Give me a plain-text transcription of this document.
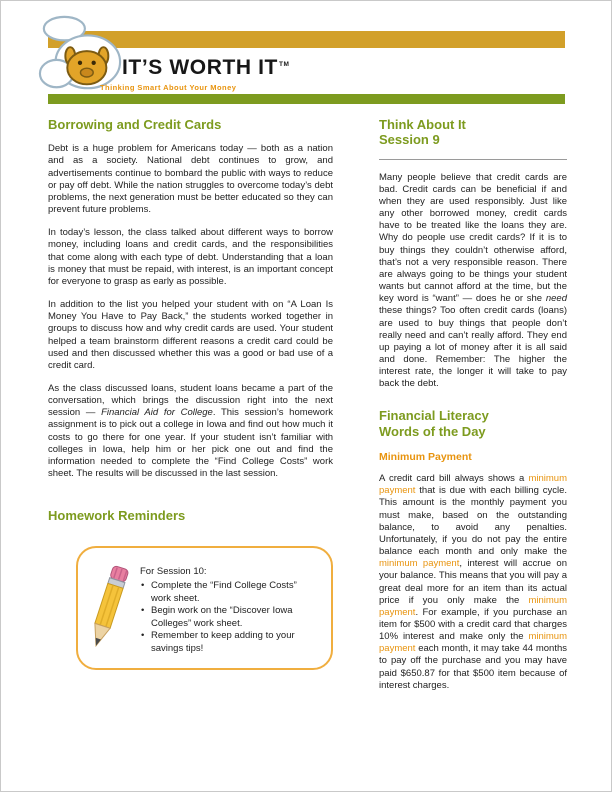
IT’S WORTH IT™
Thinking Smart About Your Money
Borrowing and Credit Cards

Debt is a huge problem for Americans today — both as a nation and as a society. National debt continues to grow, and advertisements continue to bombard the public with ways to reduce or pay off debt. While the nation struggles to overcome today’s debt problems, the next generation must be better educated so they can prevent future problems.

In today’s lesson, the class talked about different ways to borrow money, including loans and credit cards, and the responsibilities that come along with each type of debt. Understanding that a loan is money that must be repaid, with interest, is an important concept for everyone to grasp as early as possible.

In addition to the list you helped your student with on “A Loan Is Money You Have to Pay Back,” the students worked together in groups to discuss how and why credit cards are used. Your student helped a team brainstorm different reasons a credit card could be used and then discussed whether this was a good or bad use of a credit card.

As the class discussed loans, student loans became a part of the conversation, which brings the discussion right into the next session — Financial Aid for College. This session’s homework assignment is to pick out a college in Iowa and find out how much it costs to go there for one year. If your student isn’t familiar with colleges in Iowa, help him or her pick one out and find the information needed to complete the “Find College Costs” work sheet. The results will be discussed in the last session.

Homework Reminders
For Session 10:
• Complete the “Find College Costs” work sheet.
• Begin work on the “Discover Iowa Colleges” work sheet.
• Remember to keep adding to your savings tips!
Think About It
Session 9

Many people believe that credit cards are bad. Credit cards can be beneficial if and when they are used responsibly. Just like any other borrowed money, credit cards have to be treated like the loans they are. Why do people use credit cards? If it is to buy things they couldn’t otherwise afford, that’s not a very responsible reason. There are always going to be things your student wants but cannot afford at the time, but the key word is “want” — does he or she need these things? Too often credit cards (loans) are used to buy things that people don’t really need and can’t really afford. They end up paying a lot of money after it is all said and done. Remember: The higher the interest rate, the longer it will take to pay back the debt.

Financial Literacy
Words of the Day
Minimum Payment

A credit card bill always shows a minimum payment that is due with each billing cycle. This amount is the monthly payment you must make, based on the outstanding balance, to avoid any penalties. Unfortunately, if you do not pay the entire balance each month and only make the minimum payment, interest will accrue on your balance. This means that you will pay a great deal more for an item than its actual price if you only make the minimum payment. For example, if you purchase an item for $500 with a credit card that charges 10% interest and make only the minimum payment each month, it may take 44 months to pay off the purchase and you may have paid $650.87 for that $500 item because of interest charges.
